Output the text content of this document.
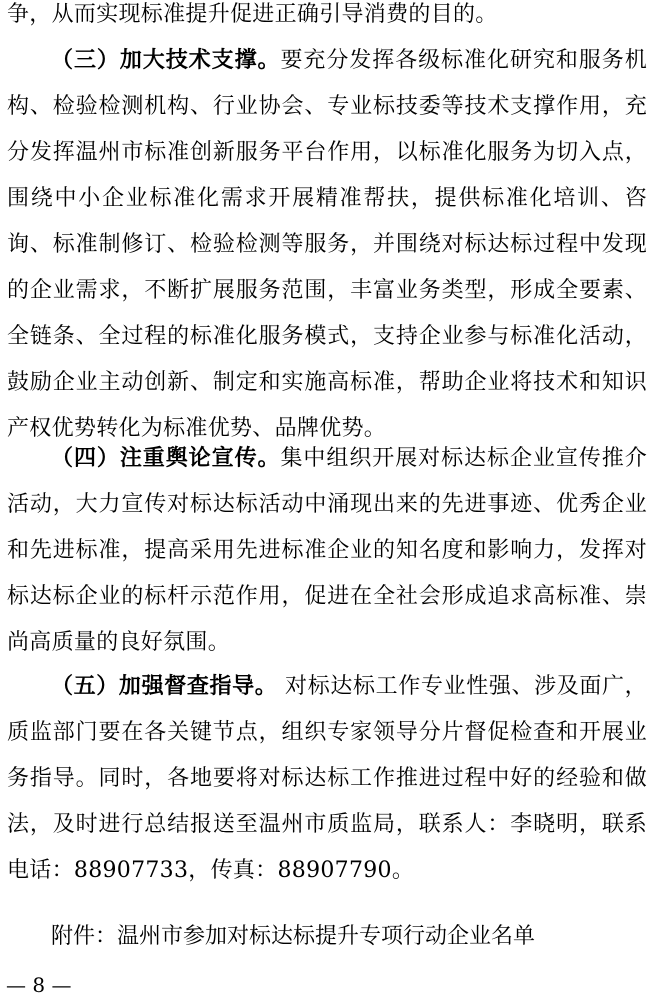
争，从而实现标准提升促进正确引导消费的目的。

（三）加大技术支撑。要充分发挥各级标准化研究和服务机构、检验检测机构、行业协会、专业标技委等技术支撑作用，充分发挥温州市标准创新服务平台作用，以标准化服务为切入点，围绕中小企业标准化需求开展精准帮扶，提供标准化培训、咨询、标准制修订、检验检测等服务，并围绕对标达标过程中发现的企业需求，不断扩展服务范围，丰富业务类型，形成全要素、全链条、全过程的标准化服务模式，支持企业参与标准化活动，鼓励企业主动创新、制定和实施高标准，帮助企业将技术和知识产权优势转化为标准优势、品牌优势。

（四）注重舆论宣传。集中组织开展对标达标企业宣传推介活动，大力宣传对标达标活动中涌现出来的先进事迹、优秀企业和先进标准，提高采用先进标准企业的知名度和影响力，发挥对标达标企业的标杆示范作用，促进在全社会形成追求高标准、崇尚高质量的良好氛围。

（五）加强督查指导。 对标达标工作专业性强、涉及面广，质监部门要在各关键节点，组织专家领导分片督促检查和开展业务指导。同时，各地要将对标达标工作推进过程中好的经验和做法，及时进行总结报送至温州市质监局，联系人：李晓明，联系电话：88907733，传真：88907790。

附件：温州市参加对标达标提升专项行动企业名单
— 8 —
